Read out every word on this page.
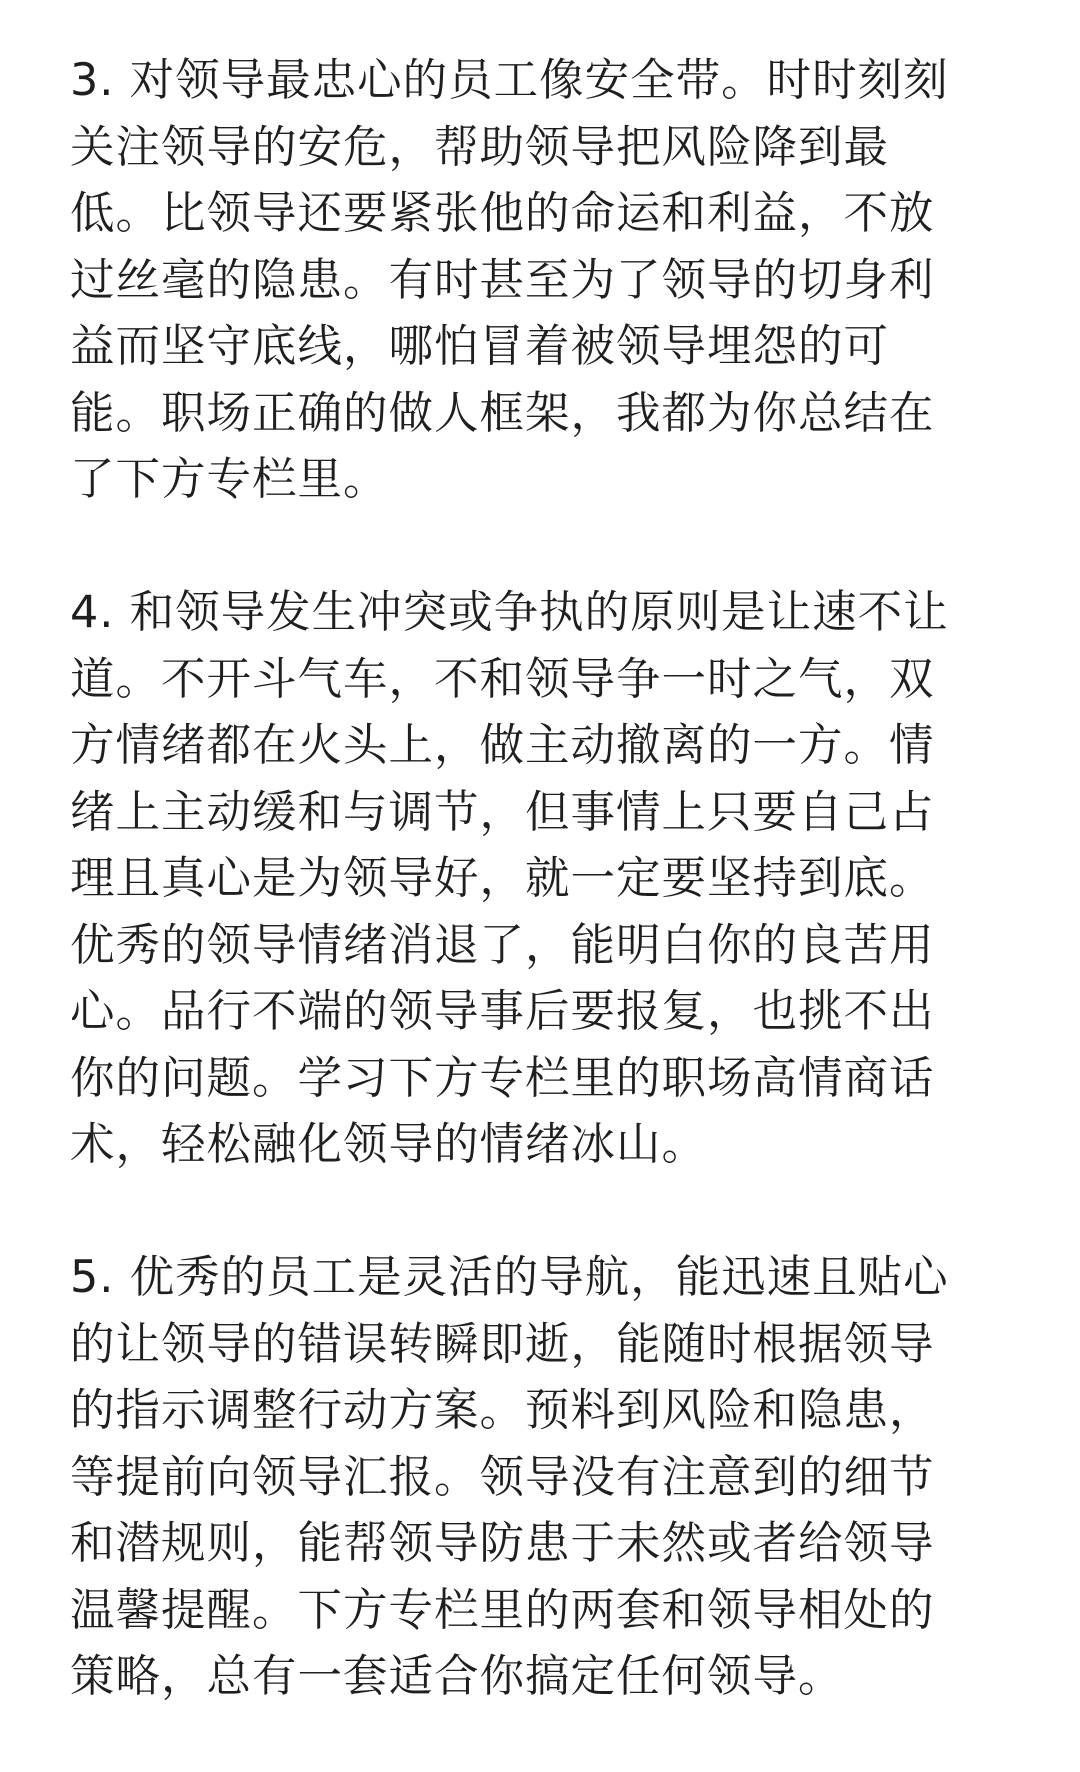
3. 对领导最忠心的员工像安全带。时时刻刻
关注领导的安危，帮助领导把风险降到最
低。比领导还要紧张他的命运和利益，不放
过丝毫的隐患。有时甚至为了领导的切身利
益而坚守底线，哪怕冒着被领导埋怨的可
能。职场正确的做人框架，我都为你总结在
了下方专栏里。

4. 和领导发生冲突或争执的原则是让速不让
道。不开斗气车，不和领导争一时之气，双
方情绪都在火头上，做主动撤离的一方。情
绪上主动缓和与调节，但事情上只要自己占
理且真心是为领导好，就一定要坚持到底。
优秀的领导情绪消退了，能明白你的良苦用
心。品行不端的领导事后要报复，也挑不出
你的问题。学习下方专栏里的职场高情商话
术，轻松融化领导的情绪冰山。

5. 优秀的员工是灵活的导航，能迅速且贴心
的让领导的错误转瞬即逝，能随时根据领导
的指示调整行动方案。预料到风险和隐患，
等提前向领导汇报。领导没有注意到的细节
和潜规则，能帮领导防患于未然或者给领导
温馨提醒。下方专栏里的两套和领导相处的
策略，总有一套适合你搞定任何领导。
